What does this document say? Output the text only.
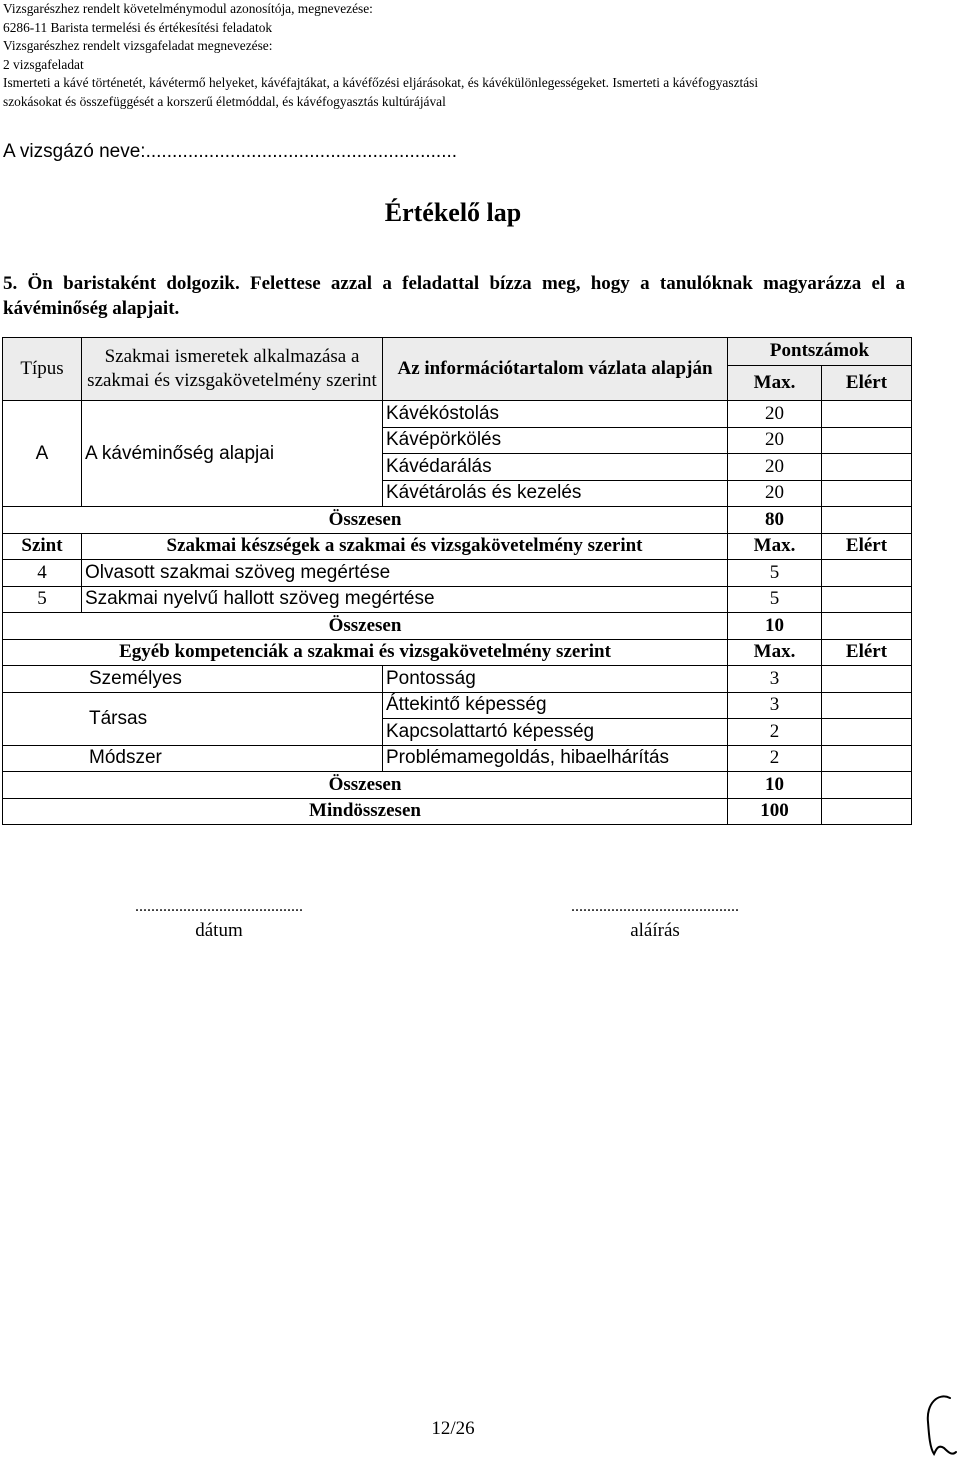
Vizsgarészhez rendelt követelménymodul azonosítója, megnevezése:
6286-11 Barista termelési és értékesítési feladatok
Vizsgarészhez rendelt vizsgafeladat megnevezése:
2 vizsgafeladat
Ismerteti a kávé történetét, kávétermő helyeket, kávéfajtákat, a kávéfőzési eljárásokat, és kávékülönlegességeket. Ismerteti a kávéfogyasztási
szokásokat és összefüggését a korszerű életmóddal, és kávéfogyasztás kultúrájával
A vizsgázó neve:...........................................................
Értékelő lap
5. Ön baristaként dolgozik. Felettese azzal a feladattal bízza meg, hogy a tanulóknak magyarázza el a kávéminőség alapjait.
Típus	Szakmai ismeretek alkalmazása a szakmai és vizsgakövetelmény szerint	Az információtartalom vázlata alapján	Pontszámok	
			Max.	Elért
A	A kávéminőség alapjai	Kávékóstolás	20	
		Kávépörkölés	20	
		Kávédarálás	20	
		Kávétárolás és kezelés	20	
Összesen			80	
Szint	Szakmai készségek a szakmai és vizsgakövetelmény szerint		Max.	Elért
4	Olvasott szakmai szöveg megértése		5	
5	Szakmai nyelvű hallott szöveg megértése		5	
Összesen			10	
Egyéb kompetenciák a szakmai és vizsgakövetelmény szerint			Max.	Elért
Személyes		Pontosság	3	
Társas		Áttekintő képesség	3	
		Kapcsolattartó képesség	2	
Módszer		Problémamegoldás, hibaelhárítás	2	
Összesen			10	
Mindösszesen			100	
..........................................
dátum
..........................................
aláírás
12/26
